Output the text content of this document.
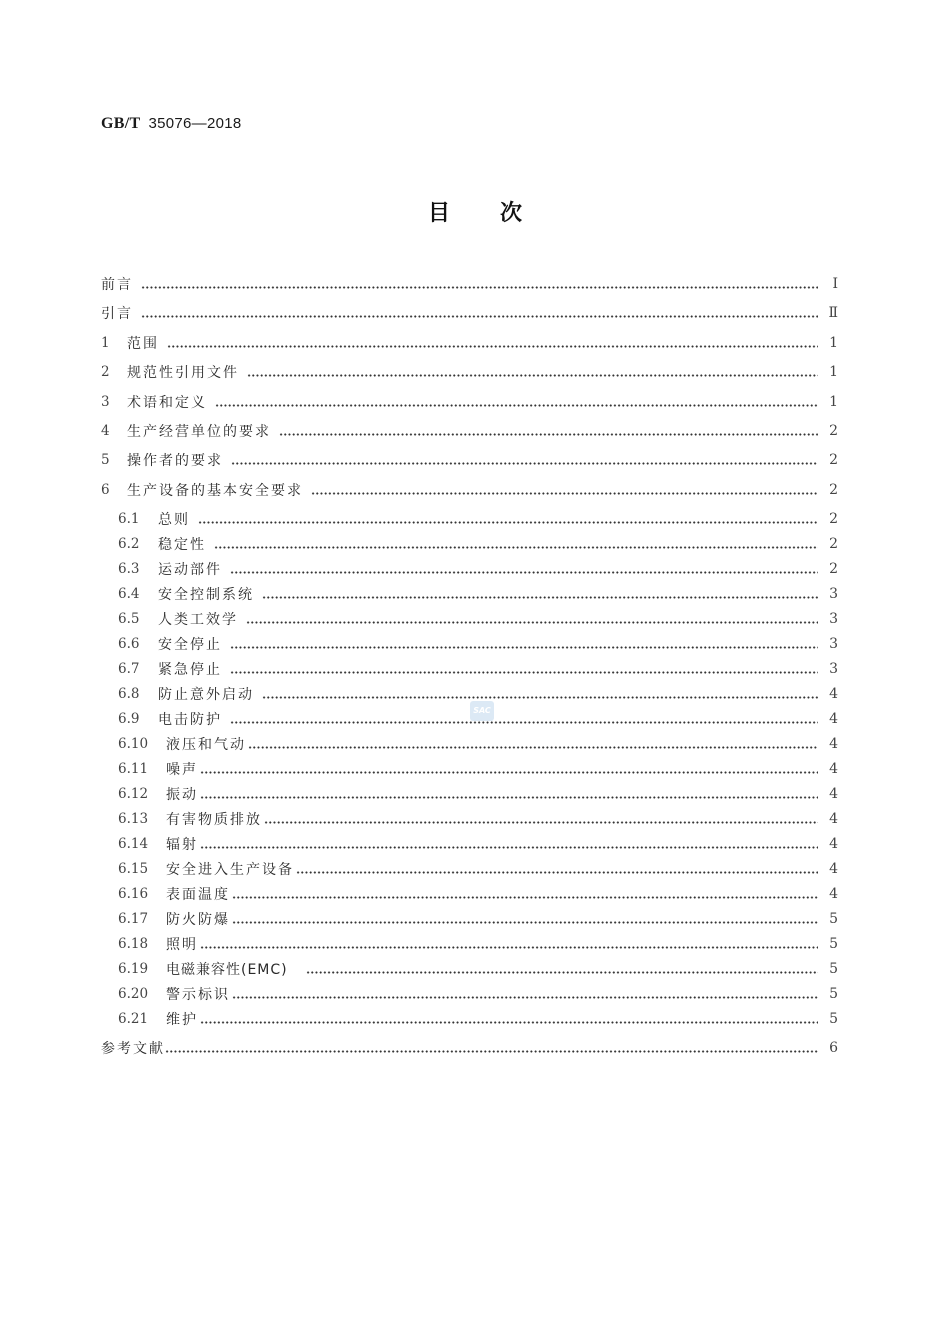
GB/T 35076—2018
目 次
前言	Ⅰ
引言	Ⅱ
1	范围	1
2	规范性引用文件	1
3	术语和定义	1
4	生产经营单位的要求	2
5	操作者的要求	2
6	生产设备的基本安全要求	2
6.1	总则	2
6.2	稳定性	2
6.3	运动部件	2
6.4	安全控制系统	3
6.5	人类工效学	3
6.6	安全停止	3
6.7	紧急停止	3
6.8	防止意外启动	4
6.9	电击防护	4
6.10	液压和气动	4
6.11	噪声	4
6.12	振动	4
6.13	有害物质排放	4
6.14	辐射	4
6.15	安全进入生产设备	4
6.16	表面温度	4
6.17	防火防爆	5
6.18	照明	5
6.19	电磁兼容性(EMC)	5
6.20	警示标识	5
6.21	维护	5
参考文献	6
SAC
